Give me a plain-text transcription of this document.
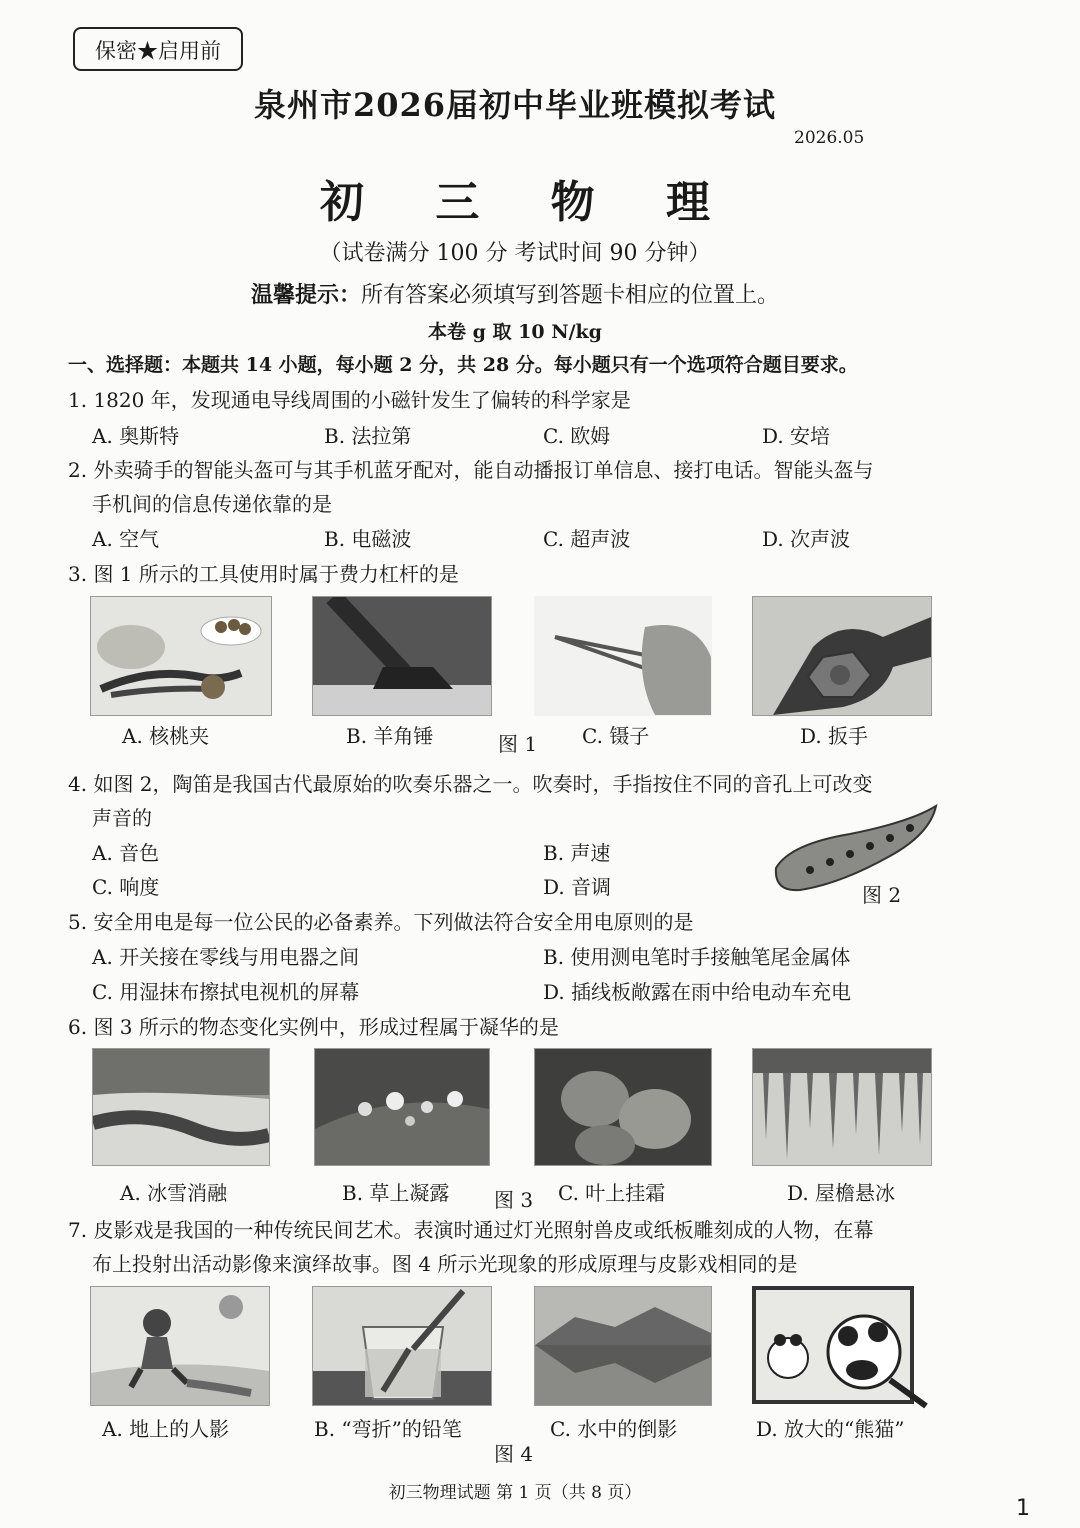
保密★启用前
泉州市2026届初中毕业班模拟考试
2026.05
初 三 物 理
（试卷满分 100 分 考试时间 90 分钟）
温馨提示：所有答案必须填写到答题卡相应的位置上。
本卷 g 取 10 N/kg
一、选择题：本题共 14 小题，每小题 2 分，共 28 分。每小题只有一个选项符合题目要求。
1. 1820 年，发现通电导线周围的小磁针发生了偏转的科学家是
A. 奥斯特	B. 法拉第	C. 欧姆	D. 安培
2. 外卖骑手的智能头盔可与其手机蓝牙配对，能自动播报订单信息、接打电话。智能头盔与
手机间的信息传递依靠的是
A. 空气	B. 电磁波	C. 超声波	D. 次声波
3. 图 1 所示的工具使用时属于费力杠杆的是
A. 核桃夹	B. 羊角锤	图 1 C. 镊子	D. 扳手
4. 如图 2，陶笛是我国古代最原始的吹奏乐器之一。吹奏时，手指按住不同的音孔上可改变
声音的
A. 音色	B. 声速
C. 响度	D. 音调	图 2
5. 安全用电是每一位公民的必备素养。下列做法符合安全用电原则的是
A. 开关接在零线与用电器之间	B. 使用测电笔时手接触笔尾金属体
C. 用湿抹布擦拭电视机的屏幕	D. 插线板敞露在雨中给电动车充电
6. 图 3 所示的物态变化实例中，形成过程属于凝华的是
A. 冰雪消融	B. 草上凝露 图 3 C. 叶上挂霜	D. 屋檐悬冰
7. 皮影戏是我国的一种传统民间艺术。表演时通过灯光照射兽皮或纸板雕刻成的人物，在幕
布上投射出活动影像来演绎故事。图 4 所示光现象的形成原理与皮影戏相同的是
A. 地上的人影	B. “弯折”的铅笔	C. 水中的倒影	D. 放大的“熊猫”
图 4
初三物理试题 第 1 页（共 8 页）
1
